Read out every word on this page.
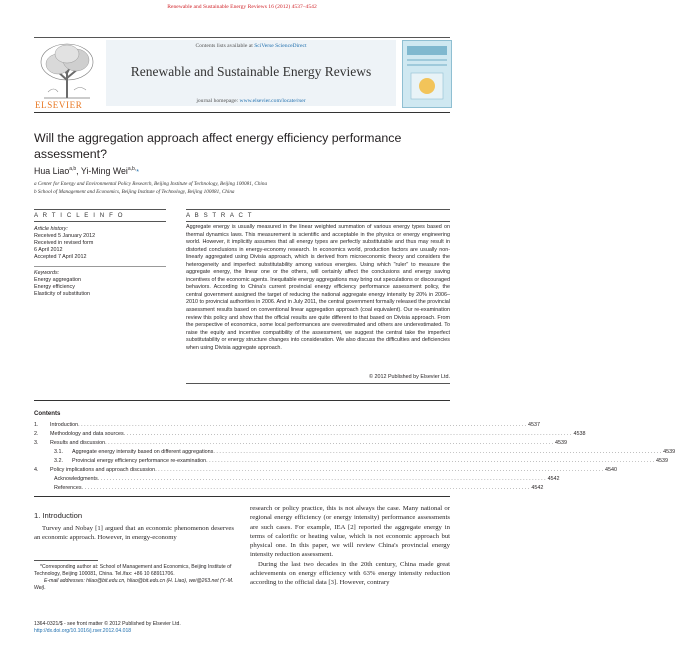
Renewable and Sustainable Energy Reviews 16 (2012) 4537–4542
ELSEVIER
Contents lists available at SciVerse ScienceDirect
Renewable and Sustainable Energy Reviews
journal homepage: www.elsevier.com/locate/rser
Will the aggregation approach affect energy efficiency performance assessment?
Hua Liao$^{a,b}$, Yi-Ming Wei$^{a,b,}$*
a Center for Energy and Environmental Policy Research, Beijing Institute of Technology, Beijing 100081, China
b School of Management and Economics, Beijing Institute of Technology, Beijing 100081, China
A R T I C L E I N F O	A B S T R A C T
Article history:
Received 5 January 2012
Received in revised form
6 April 2012
Accepted 7 April 2012
Keywords:
Energy aggregation
Energy efficiency
Elasticity of substitution
Aggregate energy is usually measured in the linear weighted summation of various energy types based on thermal dynamics laws. This measurement is scientific and acceptable in the physics or energy engineering world. However, it implicitly assumes that all energy types are perfectly substitutable and thus may result in distorted conclusions in energy-economy research. In economics world, production factors are usually non-linearly aggregated using Divisia approach, which is derived from microeconomic theory and considers the heterogeneity and imperfect substitutability among various energies. Using which "ruler" to measure the aggregate energy, the linear one or the others, will certainly affect the conclusions and energy saving incentives of the economic agents. Inequitable energy aggregations may bring out speculations or discouraged behaviors. According to China's current provincial energy efficiency performance assessment policy, the central government assigned the target of reducing the national aggregate energy intensity by 20% in 2006–2010 to provincial authorities in 2006. And in July 2011, the central government formally released the provincial assessment results based on conventional linear aggregation approach (coal equivalent). Our re-examination review this policy and show that the official results are quite different to that based on Divisia approach. From the perspective of economics, some local performances are overestimated and others are underestimated. To raise the equity and incentive compatibility of the assessment, we suggest the central take the imperfect substitutability or energy structure changes into consideration. We also discuss the difficulties and deficiencies when using Divisia aggregate approach.
© 2012 Published by Elsevier Ltd.
Contents
1.	Introduction . . . . . . . . . . . . . . . . . . . . . . . . . . . . . . . . . . . . . . . . . . . . . . . . . . . . . . . . . . . . . . . . . . . . . . . . . . . . . . . . . . . . . . . . . . . . . . . . . . . . . . . . . . . . . . . . . . . . . . . . . . . . . . . . . . . . . . . . . . . . . . . . . . . . . . 4537
2.	Methodology and data sources . . . . . . . . . . . . . . . . . . . . . . . . . . . . . . . . . . . . . . . . . . . . . . . . . . . . . . . . . . . . . . . . . . . . . . . . . . . . . . . . . . . . . . . . . . . . . . . . . . . . . . . . . . . . . . . . . . . . . . . . . . . . . . . . . . . . . . . . . . . . . . . . . . . . . . 4538
3.	Results and discussion . . . . . . . . . . . . . . . . . . . . . . . . . . . . . . . . . . . . . . . . . . . . . . . . . . . . . . . . . . . . . . . . . . . . . . . . . . . . . . . . . . . . . . . . . . . . . . . . . . . . . . . . . . . . . . . . . . . . . . . . . . . . . . . . . . . . . . . . . . . . . . . . . . . . . . 4539
3.1.	Aggregate energy intensity based on different aggregations . . . . . . . . . . . . . . . . . . . . . . . . . . . . . . . . . . . . . . . . . . . . . . . . . . . . . . . . . . . . . . . . . . . . . . . . . . . . . . . . . . . . . . . . . . . . . . . . . . . . . . . . . . . . . . . . . . . . . . . . . . . . . . . . . . . . . . . . . . . . . . . . . . . . . . 4539
3.2.	Provincial energy efficiency performance re-examination . . . . . . . . . . . . . . . . . . . . . . . . . . . . . . . . . . . . . . . . . . . . . . . . . . . . . . . . . . . . . . . . . . . . . . . . . . . . . . . . . . . . . . . . . . . . . . . . . . . . . . . . . . . . . . . . . . . . . . . . . . . . . . . . . . . . . . . . . . . . . . . . . . . . . . 4539
4.	Policy implications and approach discussion . . . . . . . . . . . . . . . . . . . . . . . . . . . . . . . . . . . . . . . . . . . . . . . . . . . . . . . . . . . . . . . . . . . . . . . . . . . . . . . . . . . . . . . . . . . . . . . . . . . . . . . . . . . . . . . . . . . . . . . . . . . . . . . . . . . . . . . . . . . . . . . . . . . . . . 4540
Acknowledgments . . . . . . . . . . . . . . . . . . . . . . . . . . . . . . . . . . . . . . . . . . . . . . . . . . . . . . . . . . . . . . . . . . . . . . . . . . . . . . . . . . . . . . . . . . . . . . . . . . . . . . . . . . . . . . . . . . . . . . . . . . . . . . . . . . . . . . . . . . . . . . . . . . . . . . 4542
References . . . . . . . . . . . . . . . . . . . . . . . . . . . . . . . . . . . . . . . . . . . . . . . . . . . . . . . . . . . . . . . . . . . . . . . . . . . . . . . . . . . . . . . . . . . . . . . . . . . . . . . . . . . . . . . . . . . . . . . . . . . . . . . . . . . . . . . . . . . . . . . . . . . . . . 4542
1. Introduction
Turvey and Nobay [1] argued that an economic phenomenon deserves an economic approach. However, in energy-economy
research or policy practice, this is not always the case. Many national or regional energy efficiency (or energy intensity) performance assessments are such cases. For example, IEA [2] reported the aggregate energy in terms of calorific or heating value, which is not economic approach but physical one. In this paper, we will review China's provincial energy intensity reduction assessment.
During the last two decades in the 20th century, China made great achievements on energy efficiency with 63% energy intensity reduction according to the official data [3]. However, contrary
*Corresponding author at: School of Management and Economics, Beijing Institute of Technology, Beijing 100081, China. Tel./fax: +86 10 68911706.
E-mail addresses: hliao@bit.edu.cn, hliao@bit.edu.cn (H. Liao), wei@263.net (Y.-M. Wei).
1364-0321/$ - see front matter © 2012 Published by Elsevier Ltd.
http://dx.doi.org/10.1016/j.rser.2012.04.018
